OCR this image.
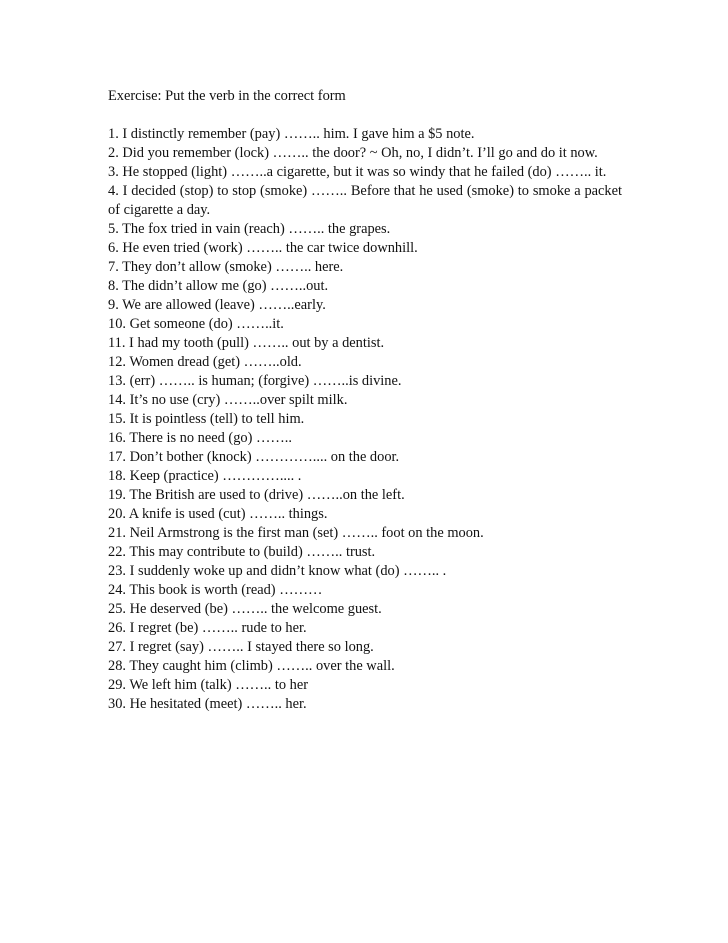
Exercise: Put the verb in the correct form
1. I distinctly remember (pay) …….. him. I gave him a $5 note.
2. Did you remember (lock) …….. the door? ~ Oh, no, I didn’t. I’ll go and do it now.
3. He stopped (light) ……..a cigarette, but it was so windy that he failed (do) …….. it.
4. I decided (stop) to stop (smoke) …….. Before that he used (smoke) to smoke a packet of cigarette a day.
5. The fox tried in vain (reach) …….. the grapes.
6. He even tried (work) …….. the car twice downhill.
7. They don’t allow (smoke) …….. here.
8. The didn’t allow me (go) ……..out.
9. We are allowed (leave) ……..early.
10. Get someone (do) ……..it.
11. I had my tooth (pull) …….. out by a dentist.
12. Women dread (get) ……..old.
13. (err) …….. is human; (forgive) ……..is divine.
14. It’s no use (cry) ……..over spilt milk.
15. It is pointless (tell) to tell him.
16. There is no need (go) ……..
17. Don’t bother (knock) ………….... on the door.
18. Keep (practice) ………….... .
19. The British are used to (drive) ……..on the left.
20. A knife is used (cut) …….. things.
21. Neil Armstrong is the first man (set) …….. foot on the moon.
22. This may contribute to (build) …….. trust.
23. I suddenly woke up and didn’t know what (do) …….. .
24. This book is worth (read) ………
25. He deserved (be) …….. the welcome guest.
26. I regret (be) …….. rude to her.
27. I regret (say) …….. I stayed there so long.
28. They caught him (climb) …….. over the wall.
29. We left him (talk) …….. to her
30. He hesitated (meet) …….. her.
